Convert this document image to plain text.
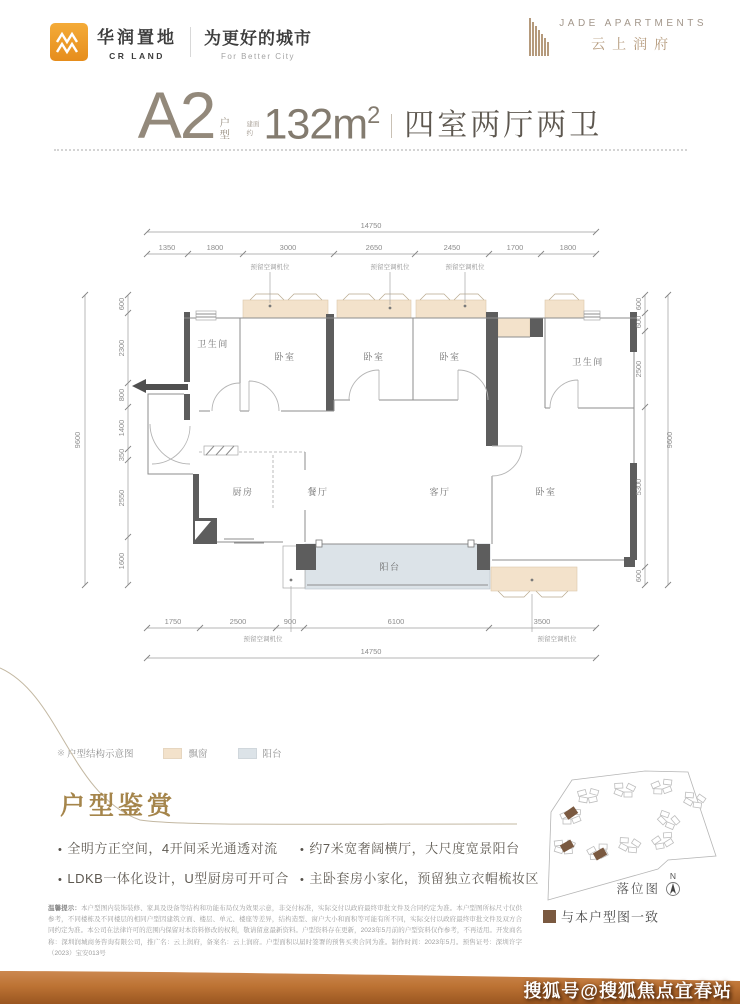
华润置地
CR LAND
为更好的城市
For Better City
JADE APARTMENTS
云上润府
A2 户型
建面约 $132m^2$ 四室两厅两卫
预留空调机位	预留空调机位	预留空调机位
预留空调机位	预留空调机位
卫生间
卧室	卧室	卧室	卫生间
厨房	餐厅	客厅	卧室
阳台
14750
1350	1800	3000	2650	2450	1700	1800
1750	2500	900	6100	3500
14750
600
2300
800
1400
350
2550
1600
9600
600
600
2500
5300
600
9600
※ 户型结构示意图	飘窗	阳台
户型鉴赏
• 全明方正空间，4开间采光通透对流
• LDKB一体化设计，U型厨房可开可合
• 约7米宽奢阔横厅，大尺度宽景阳台
• 主卧套房小家化，预留独立衣帽梳妆区
温馨提示：本户型图内装饰装修、家具及设备等结构和功能布局仅为效果示意，非交付标准，实际交付以政府最终审批文件及合同约定为准。本户型图所标尺寸仅供参考，不同楼栋及不同楼层的相同户型因建筑立面、楼层、单元、楼座等差异，结构造型、窗户大小和面积等可能有所不同，实际交付以政府最终审批文件及双方合同约定为准。本公司在法律许可的范围内保留对本资料修改的权利，敬请留意最新资料。户型资料存在更新，2023年5月前的户型资料仅作参考，不再适用。开发商名称：深圳润城商务咨询有限公司，推广名：云上润府，备案名：云上润府。户型面积以届时签署的预售买卖合同为准。制作时间：2023年5月。预售证号：深圳许字（2023）宝安013号
落位图
N
与本户型图一致
搜狐号@搜狐焦点宜春站
